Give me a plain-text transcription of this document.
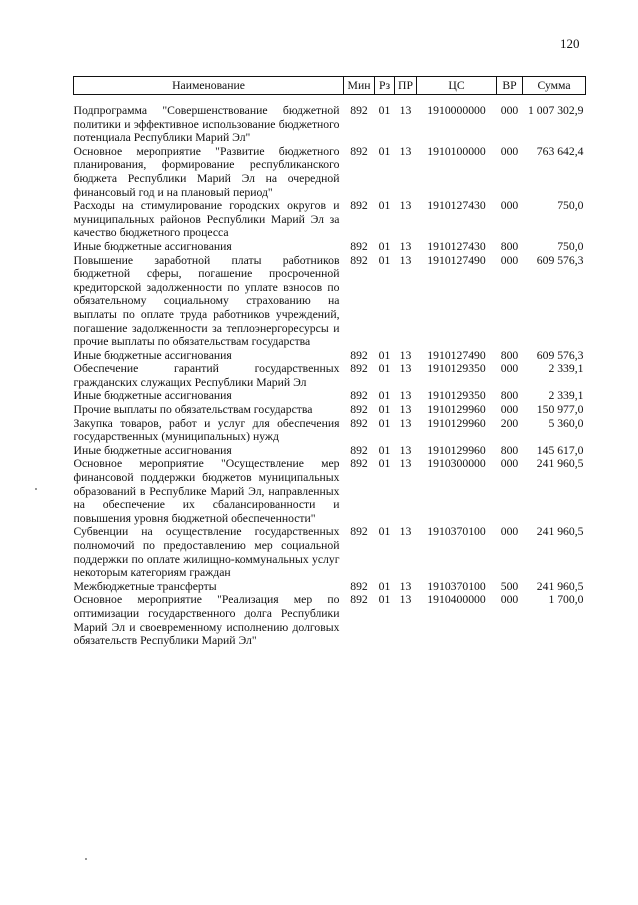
120
Наименование	Мин	Рз	ПР	ЦС	ВР	Сумма
Подпрограмма "Совершенствование бюджетной политики и эффективное использование бюджетного потенциала Республики Марий Эл"	892	01	13	1910000000	000	1 007 302,9
Основное мероприятие "Развитие бюджетного планирования, формирование республиканского бюджета Республики Марий Эл на очередной финансовый год и на плановый период"	892	01	13	1910100000	000	763 642,4
Расходы на стимулирование городских округов и муниципальных районов Республики Марий Эл за качество бюджетного процесса	892	01	13	1910127430	000	750,0
Иные бюджетные ассигнования	892	01	13	1910127430	800	750,0
Повышение заработной платы работников бюджетной сферы, погашение просроченной кредиторской задолженности по уплате взносов по обязательному социальному страхованию на выплаты по оплате труда работников учреждений, погашение задолженности за теплоэнергоресурсы и прочие выплаты по обязательствам государства	892	01	13	1910127490	000	609 576,3
Иные бюджетные ассигнования	892	01	13	1910127490	800	609 576,3
Обеспечение гарантий государственных гражданских служащих Республики Марий Эл	892	01	13	1910129350	000	2 339,1
Иные бюджетные ассигнования	892	01	13	1910129350	800	2 339,1
Прочие выплаты по обязательствам государства	892	01	13	1910129960	000	150 977,0
Закупка товаров, работ и услуг для обеспечения государственных (муниципальных) нужд	892	01	13	1910129960	200	5 360,0
Иные бюджетные ассигнования	892	01	13	1910129960	800	145 617,0
Основное мероприятие "Осуществление мер финансовой поддержки бюджетов муниципальных образований в Республике Марий Эл, направленных на обеспечение их сбалансированности и повышения уровня бюджетной обеспеченности"	892	01	13	1910300000	000	241 960,5
Субвенции на осуществление государственных полномочий по предоставлению мер социальной поддержки по оплате жилищно-коммунальных услуг некоторым категориям граждан	892	01	13	1910370100	000	241 960,5
Межбюджетные трансферты	892	01	13	1910370100	500	241 960,5
Основное мероприятие "Реализация мер по оптимизации государственного долга Республики Марий Эл и своевременному исполнению долговых обязательств Республики Марий Эл"	892	01	13	1910400000	000	1 700,0
